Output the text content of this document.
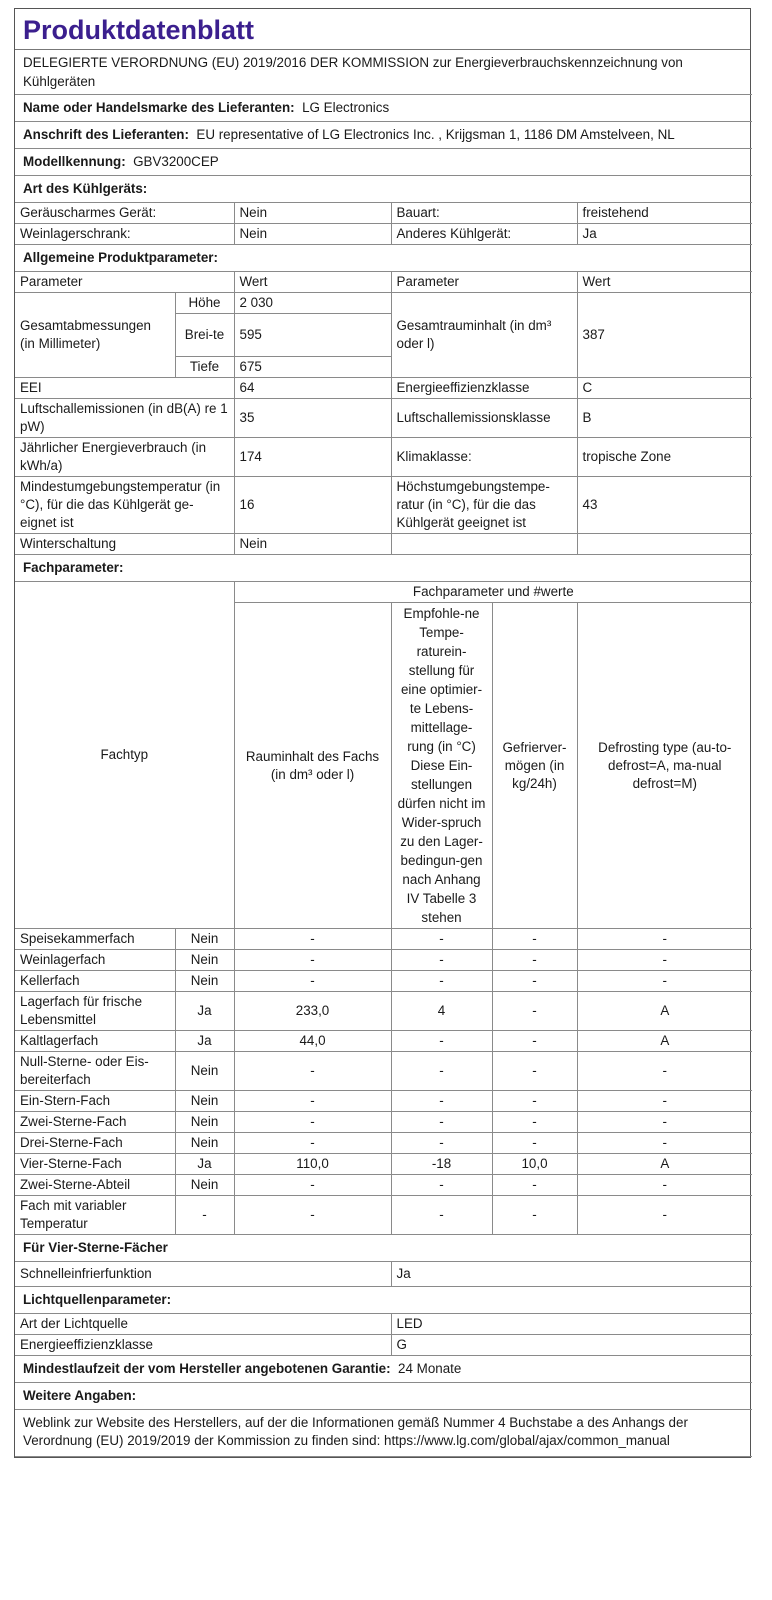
Produktdatenblatt
DELEGIERTE VERORDNUNG (EU) 2019/2016 DER KOMMISSION zur Energieverbrauchskennzeichnung von Kühlgeräten
Name oder Handelsmarke des Lieferanten: LG Electronics
Anschrift des Lieferanten: EU representative of LG Electronics Inc. , Krijgsman 1, 1186 DM Amstelveen, NL
Modellkennung: GBV3200CEP
Art des Kühlgeräts:
Geräuscharmes Gerät:	Nein	Bauart:	freistehend
Weinlagerschrank:	Nein	Anderes Kühlgerät:	Ja
Allgemeine Produktparameter:				
Parameter		Wert	Parameter	Wert
Gesamtabmessungen (in Millimeter)	Höhe	2 030	Gesamtrauminhalt (in dm³ oder l)	387
	Brei-te	595		
	Tiefe	675		
EEI		64	Energieeffizienzklasse	C
Luftschallemissionen (in dB(A) re 1 pW)		35	Luftschallemissionsklasse	B
Jährlicher Energieverbrauch (in kWh/a)		174	Klimaklasse:	tropische Zone
Mindestumgebungstemperatur (in °C), für die das Kühlgerät ge-eignet ist		16	Höchstumgebungstempe-ratur (in °C), für die das Kühlgerät geeignet ist	43
Winterschaltung		Nein		
Fachparameter:				
Fachtyp		Fachparameter und #werte			
		Rauminhalt des Fachs (in dm³ oder l)	Empfohle-ne Tempe-raturein-stellung für eine optimier-te Lebens-mittellage-rung (in °C) Diese Ein-stellungen dürfen nicht im Wider-spruch zu den Lager-bedingun-gen nach Anhang IV Tabelle 3 stehen	Gefrierver-mögen (in kg/24h)	Defrosting type (au-to-defrost=A, ma-nual defrost=M)
Speisekammerfach	Nein	-	-	-	-
Weinlagerfach	Nein	-	-	-	-
Kellerfach	Nein	-	-	-	-
Lagerfach für frische Lebensmittel	Ja	233,0	4	-	A
Kaltlagerfach	Ja	44,0	-	-	A
Null-Sterne- oder Eis-bereiterfach	Nein	-	-	-	-
Ein-Stern-Fach	Nein	-	-	-	-
Zwei-Sterne-Fach	Nein	-	-	-	-
Drei-Sterne-Fach	Nein	-	-	-	-
Vier-Sterne-Fach	Ja	110,0	-18	10,0	A
Zwei-Sterne-Abteil	Nein	-	-	-	-
Fach mit variabler Temperatur	-	-	-	-	-
Für Vier-Sterne-Fächer	
Schnelleinfrierfunktion	Ja
Lichtquellenparameter:	
Art der Lichtquelle	LED
Energieeffizienzklasse	G
Mindestlaufzeit der vom Hersteller angebotenen Garantie: 24 Monate	
Weitere Angaben:	
Weblink zur Website des Herstellers, auf der die Informationen gemäß Nummer 4 Buchstabe a des Anhangs der Verordnung (EU) 2019/2019 der Kommission zu finden sind: https://www.lg.com/global/ajax/common_manual	
